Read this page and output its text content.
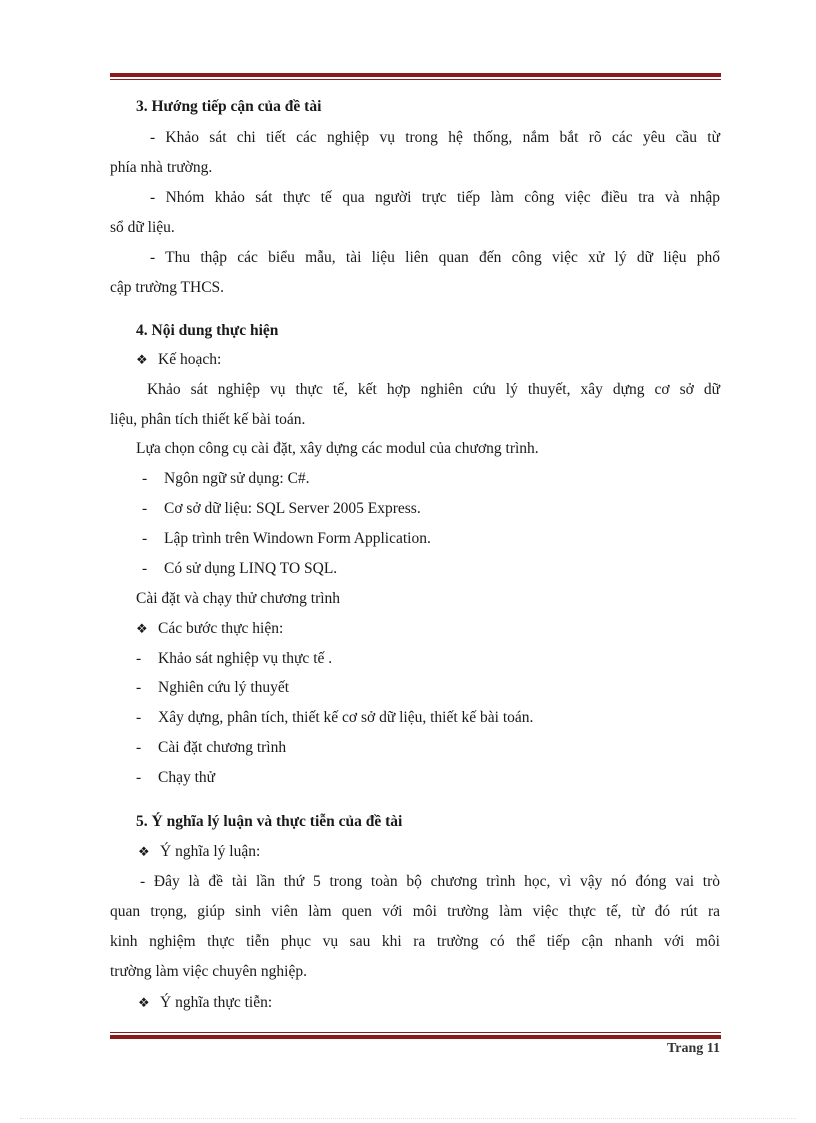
3. Hướng tiếp cận của đề tài
- Khảo sát chi tiết các nghiệp vụ trong hệ thống, nắm bắt rõ các yêu cầu từ
phía nhà trường.
- Nhóm khảo sát thực tế qua người trực tiếp làm công việc điều tra và nhập
sổ dữ liệu.
- Thu thập các biểu mẫu, tài liệu liên quan đến công việc xử lý dữ liệu phổ
cập trường THCS.
4. Nội dung thực hiện
❖ Kế hoạch:
Khảo sát nghiệp vụ thực tế, kết hợp nghiên cứu lý thuyết, xây dựng cơ sở dữ
liệu, phân tích thiết kế bài toán.
Lựa chọn công cụ cài đặt, xây dựng các modul của chương trình.
- Ngôn ngữ sử dụng: C#.
- Cơ sở dữ liệu: SQL Server 2005 Express.
- Lập trình trên Windown Form Application.
- Có sử dụng LINQ TO SQL.
Cài đặt và chạy thử chương trình
❖ Các bước thực hiện:
- Khảo sát nghiệp vụ thực tế .
- Nghiên cứu lý thuyết
- Xây dựng, phân tích, thiết kế cơ sở dữ liệu, thiết kế bài toán.
- Cài đặt chương trình
- Chạy thử
5. Ý nghĩa lý luận và thực tiễn của đề tài
❖ Ý nghĩa lý luận:
- Đây là đề tài lần thứ 5 trong toàn bộ chương trình học, vì vậy nó đóng vai trò
quan trọng, giúp sinh viên làm quen với môi trường làm việc thực tế, từ đó rút ra
kinh nghiệm thực tiễn phục vụ sau khi ra trường có thể tiếp cận nhanh với môi
trường làm việc chuyên nghiệp.
❖ Ý nghĩa thực tiễn:
Trang 11
